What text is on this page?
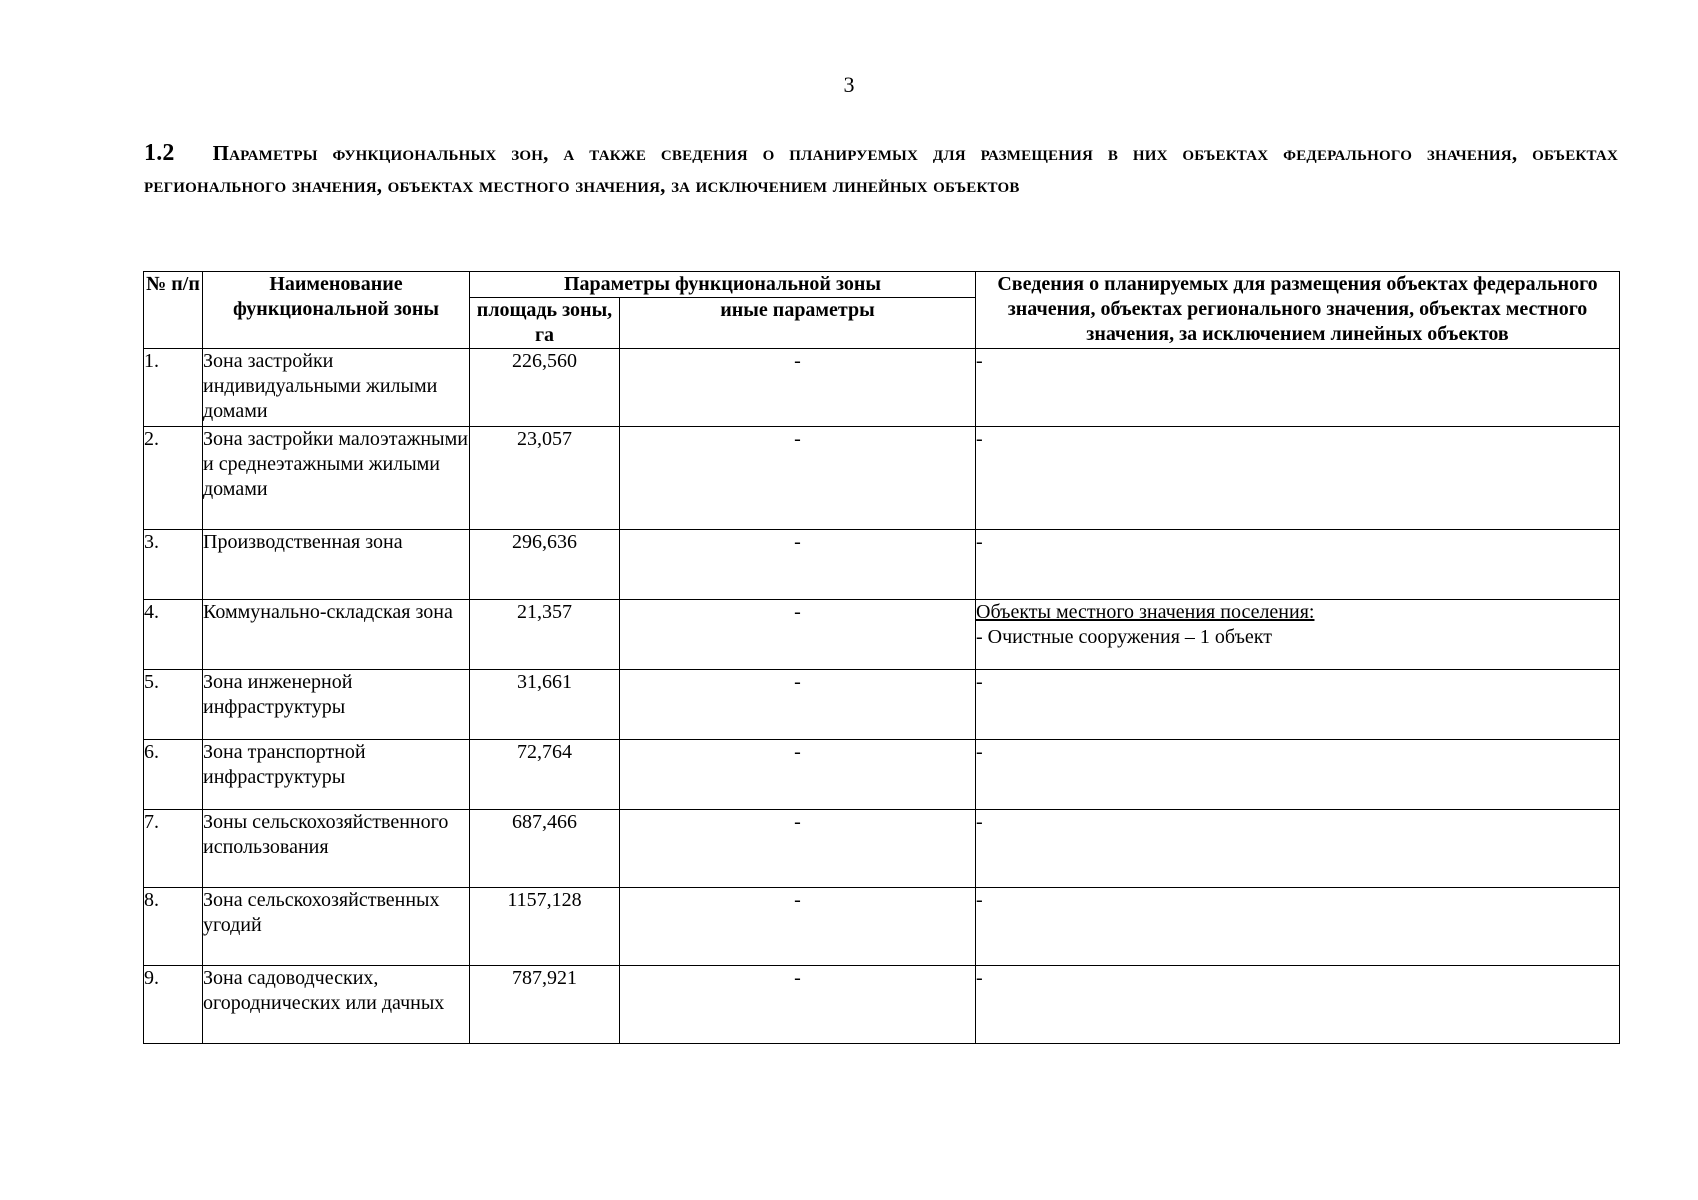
3
1.2 Параметры функциональных зон, а также сведения о планируемых для размещения в них объектах федерального значения, объектах регионального значения, объектах местного значения, за исключением линейных объектов
№ п/п	Наименование функциональной зоны	Параметры функциональной зоны		Сведения о планируемых для размещения объектах федерального значения, объектах регионального значения, объектах местного значения, за исключением линейных объектов
		площадь зоны, га	иные параметры	
1.	Зона застройки индивидуальными жилыми домами	226,560	-	-
2.	Зона застройки малоэтажными и среднеэтажными жилыми домами	23,057	-	-
3.	Производственная зона	296,636	-	-
4.	Коммунально-складская зона	21,357	-	Объекты местного значения поселения:
- Очистные сооружения – 1 объект

5.	Зона инженерной инфраструктуры	31,661	-	-
6.	Зона транспортной инфраструктуры	72,764	-	-
7.	Зоны сельскохозяйственного использования	687,466	-	-
8.	Зона сельскохозяйственных угодий	1157,128	-	-
9.	Зона садоводческих, огороднических или дачных	787,921	-	-
